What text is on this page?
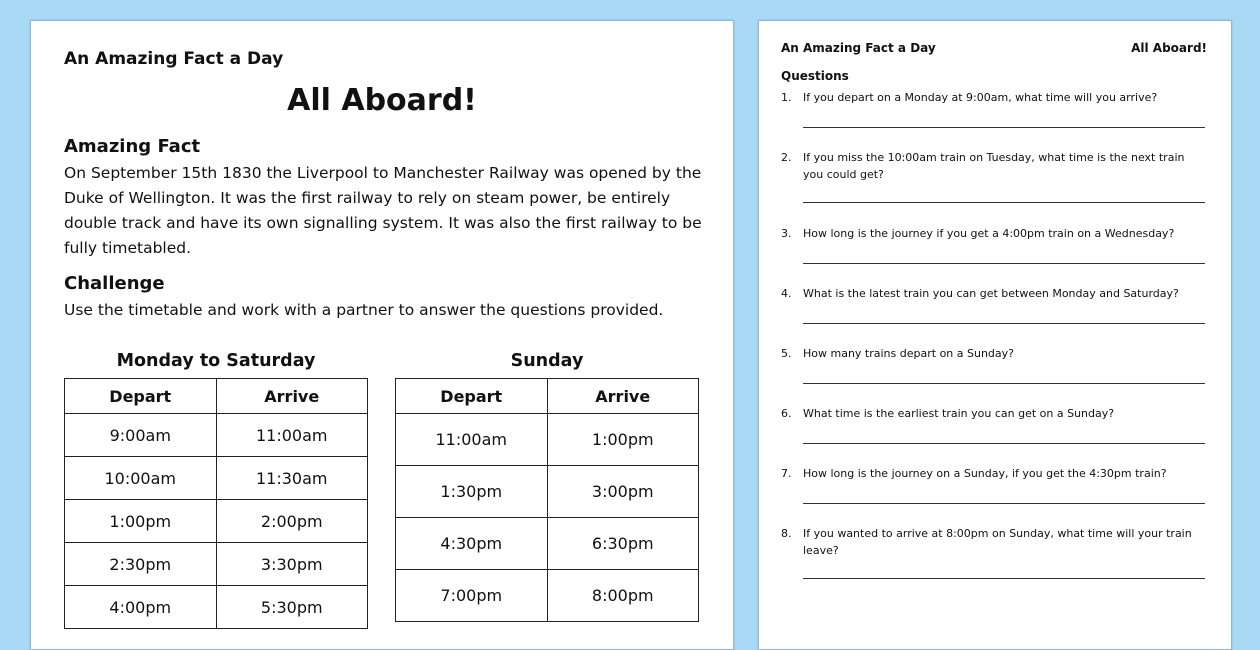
An Amazing Fact a Day
All Aboard!
Amazing Fact
On September 15th 1830 the Liverpool to Manchester Railway was opened by the Duke of Wellington. It was the first railway to rely on steam power, be entirely double track and have its own signalling system. It was also the first railway to be fully timetabled.
Challenge
Use the timetable and work with a partner to answer the questions provided.
Monday to Saturday
Depart	Arrive
9:00am	11:00am
10:00am	11:30am
1:00pm	2:00pm
2:30pm	3:30pm
4:00pm	5:30pm
Sunday
Depart	Arrive
11:00am	1:00pm
1:30pm	3:00pm
4:30pm	6:30pm
7:00pm	8:00pm
An Amazing Fact a Day	All Aboard!
Questions
1. If you depart on a Monday at 9:00am, what time will you arrive?
2. If you miss the 10:00am train on Tuesday, what time is the next train you could get?
3. How long is the journey if you get a 4:00pm train on a Wednesday?
4. What is the latest train you can get between Monday and Saturday?
5. How many trains depart on a Sunday?
6. What time is the earliest train you can get on a Sunday?
7. How long is the journey on a Sunday, if you get the 4:30pm train?
8. If you wanted to arrive at 8:00pm on Sunday, what time will your train leave?
